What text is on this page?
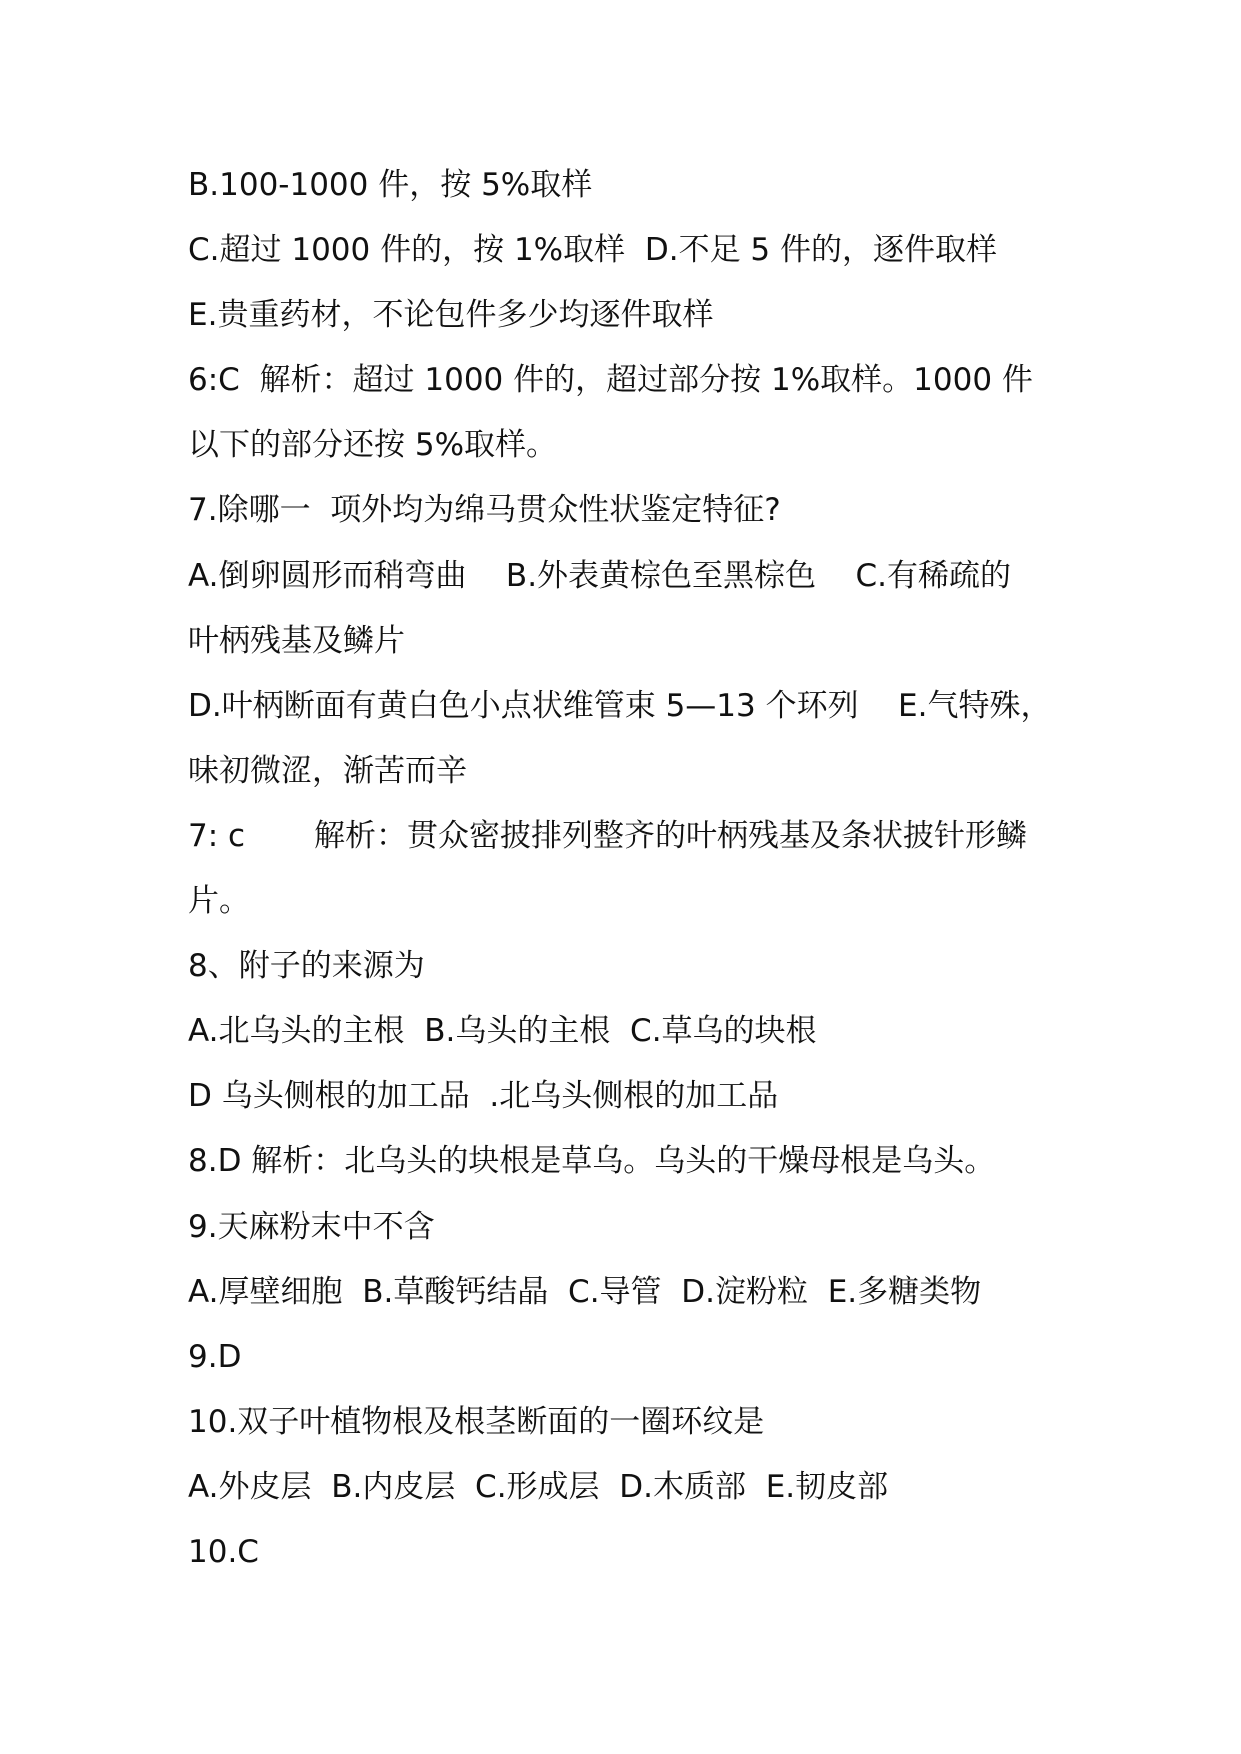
B.100-1000 件，按 5%取样
C.超过 1000 件的，按 1%取样  D.不足 5 件的，逐件取样
E.贵重药材，不论包件多少均逐件取样
6:C  解析：超过 1000 件的，超过部分按 1%取样。1000 件
以下的部分还按 5%取样。
7.除哪一  项外均为绵马贯众性状鉴定特征?
A.倒卵圆形而稍弯曲    B.外表黄棕色至黑棕色    C.有稀疏的
叶柄残基及鳞片
D.叶柄断面有黄白色小点状维管束 5—13 个环列    E.气特殊，
味初微涩，渐苦而辛
7: c       解析：贯众密披排列整齐的叶柄残基及条状披针形鳞
片。
8、附子的来源为
A.北乌头的主根  B.乌头的主根  C.草乌的块根
D 乌头侧根的加工品  .北乌头侧根的加工品
8.D 解析：北乌头的块根是草乌。乌头的干燥母根是乌头。
9.天麻粉末中不含
A.厚壁细胞  B.草酸钙结晶  C.导管  D.淀粉粒  E.多糖类物
9.D
10.双子叶植物根及根茎断面的一圈环纹是
A.外皮层  B.内皮层  C.形成层  D.木质部  E.韧皮部
10.C
